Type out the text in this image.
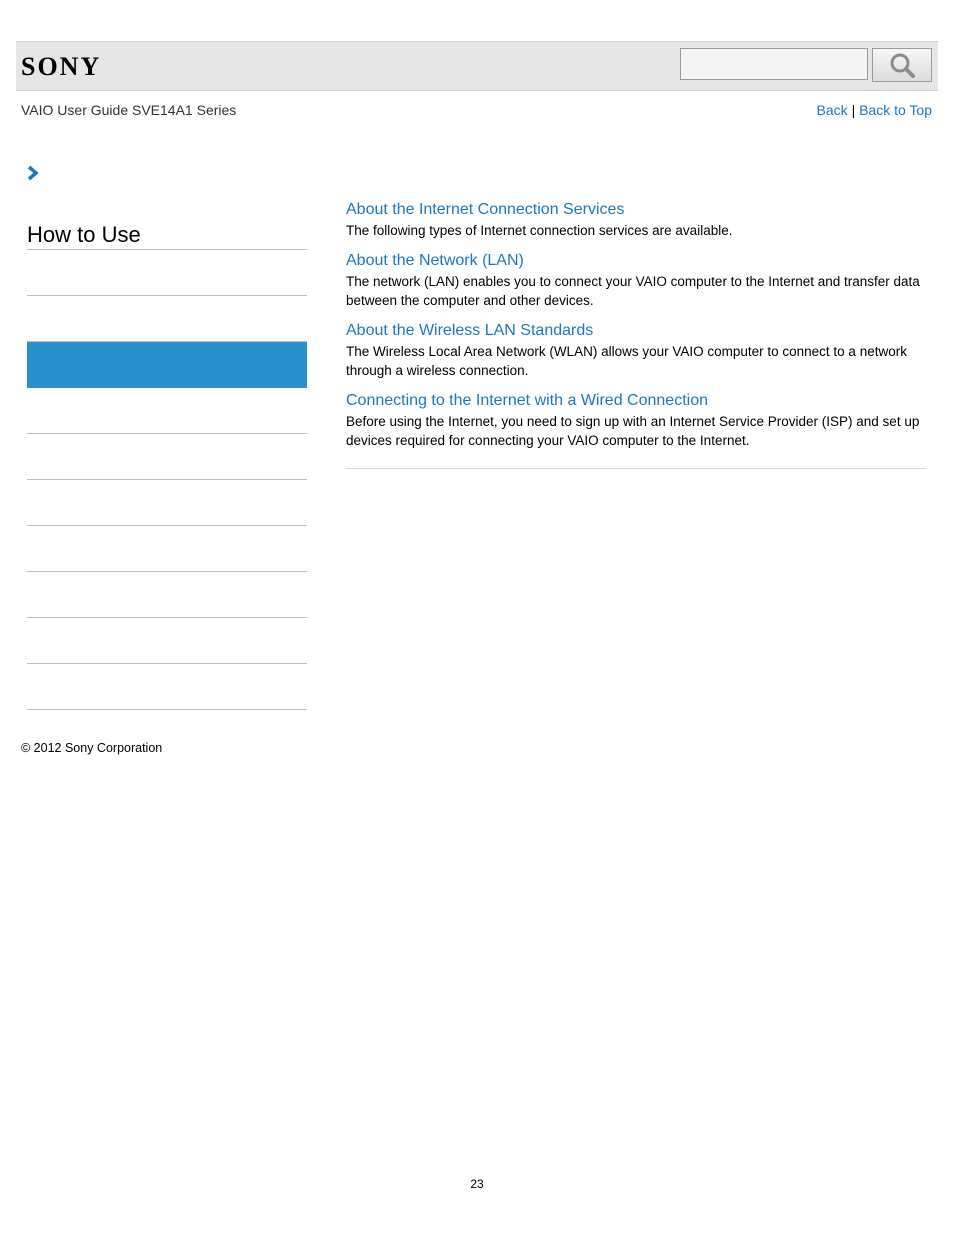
SONY
VAIO User Guide SVE14A1 Series	Back | Back to Top
How to Use
About the Internet Connection Services
The following types of Internet connection services are available.
About the Network (LAN)
The network (LAN) enables you to connect your VAIO computer to the Internet and transfer data between the computer and other devices.
About the Wireless LAN Standards
The Wireless Local Area Network (WLAN) allows your VAIO computer to connect to a network through a wireless connection.
Connecting to the Internet with a Wired Connection
Before using the Internet, you need to sign up with an Internet Service Provider (ISP) and set up devices required for connecting your VAIO computer to the Internet.
© 2012 Sony Corporation
23
